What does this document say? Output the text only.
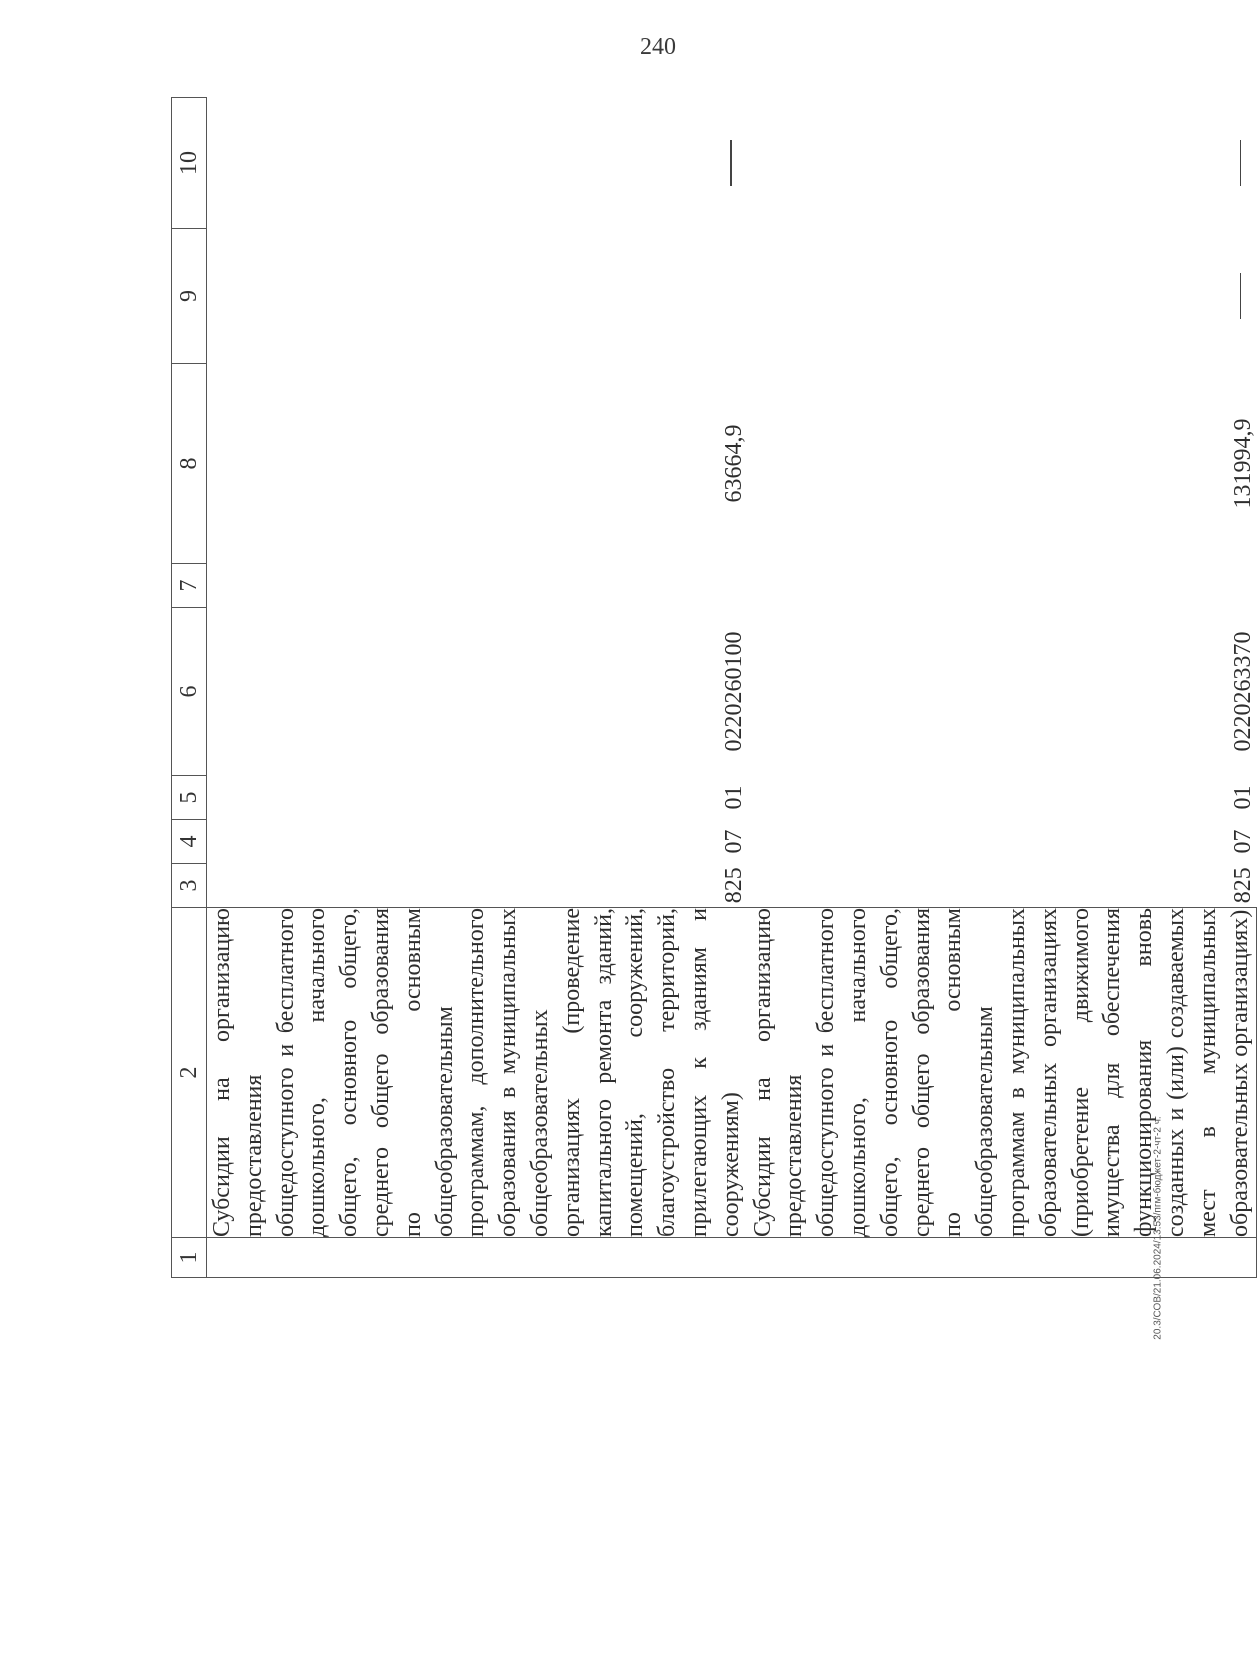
240
1	2	3	4	5	6	7	8	9	10
	Субсидии на организацию предоставления общедоступного и бесплатного дошкольного, начального общего, основного общего, среднего общего образования по основным общеобразовательным программам, дополнительного образования в муниципальных общеобразовательных организациях (проведение капитального ремонта зданий, помещений, сооружений, благоустройство территорий, прилегающих к зданиям и сооружениям)	825	07	01	0220260100		63664,9		
	Субсидии на организацию предоставления общедоступного и бесплатного дошкольного, начального общего, основного общего, среднего общего образования по основным общеобразовательным программам в муниципальных образовательных организациях (приобретение движимого имущества для обеспечения функционирования вновь созданных и (или) создаваемых мест в муниципальных образовательных организациях)	825	07	01	0220263370		131994,9		
20.3/СОВ/21.06.2024/13:53/пгм-бюджет-2-чт-2 ч.
